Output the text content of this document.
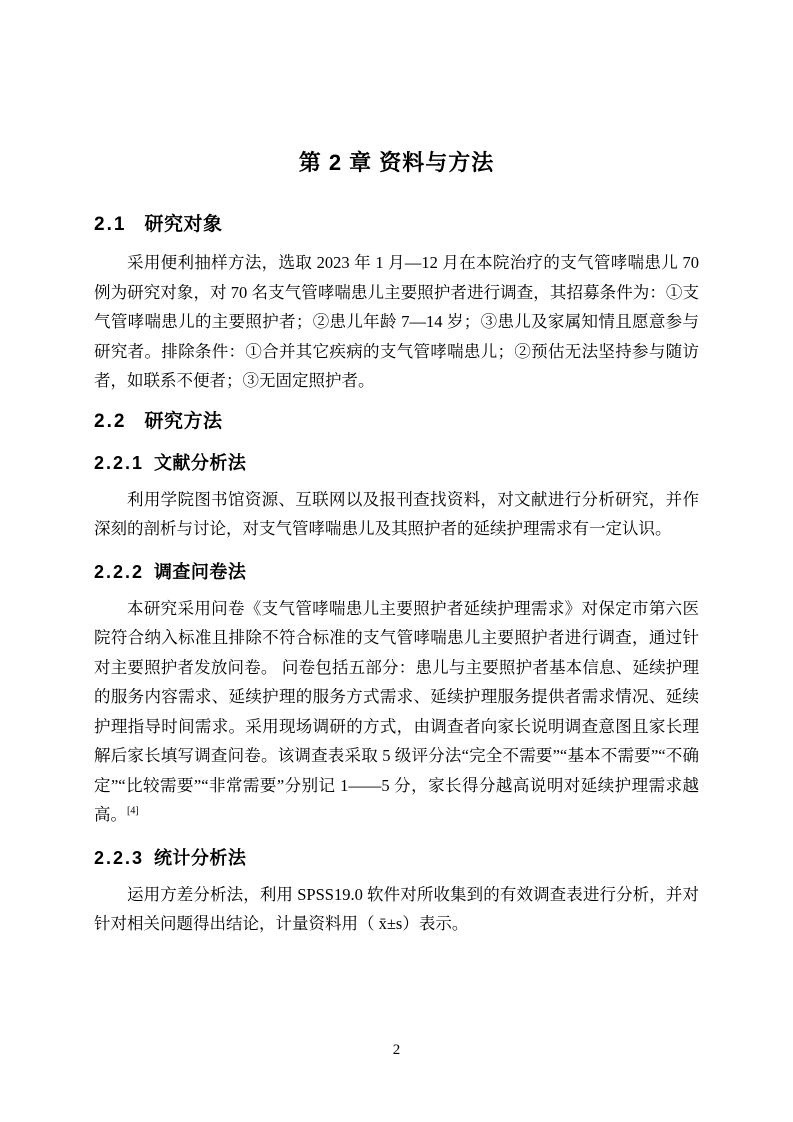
第 2 章 资料与方法
2.1 研究对象

采用便利抽样方法，选取 2023 年 1 月—12 月在本院治疗的支气管哮喘患儿 70 例为研究对象，对 70 名支气管哮喘患儿主要照护者进行调查，其招募条件为：①支气管哮喘患儿的主要照护者；②患儿年龄 7—14 岁；③患儿及家属知情且愿意参与研究者。排除条件：①合并其它疾病的支气管哮喘患儿；②预估无法坚持参与随访者，如联系不便者；③无固定照护者。

2.2 研究方法
2.2.1 文献分析法

利用学院图书馆资源、互联网以及报刊查找资料，对文献进行分析研究，并作深刻的剖析与讨论，对支气管哮喘患儿及其照护者的延续护理需求有一定认识。

2.2.2 调查问卷法

本研究采用问卷《支气管哮喘患儿主要照护者延续护理需求》对保定市第六医院符合纳入标准且排除不符合标准的支气管哮喘患儿主要照护者进行调查，通过针对主要照护者发放问卷。 问卷包括五部分：患儿与主要照护者基本信息、延续护理的服务内容需求、延续护理的服务方式需求、延续护理服务提供者需求情况、延续护理指导时间需求。采用现场调研的方式，由调查者向家长说明调查意图且家长理解后家长填写调查问卷。该调查表采取 5 级评分法“完全不需要”“基本不需要”“不确定”“比较需要”“非常需要”分别记 1——5 分，家长得分越高说明对延续护理需求越高。[4]

2.2.3 统计分析法

运用方差分析法，利用 SPSS19.0 软件对所收集到的有效调查表进行分析，并对针对相关问题得出结论，计量资料用（ x̄±s）表示。

2
